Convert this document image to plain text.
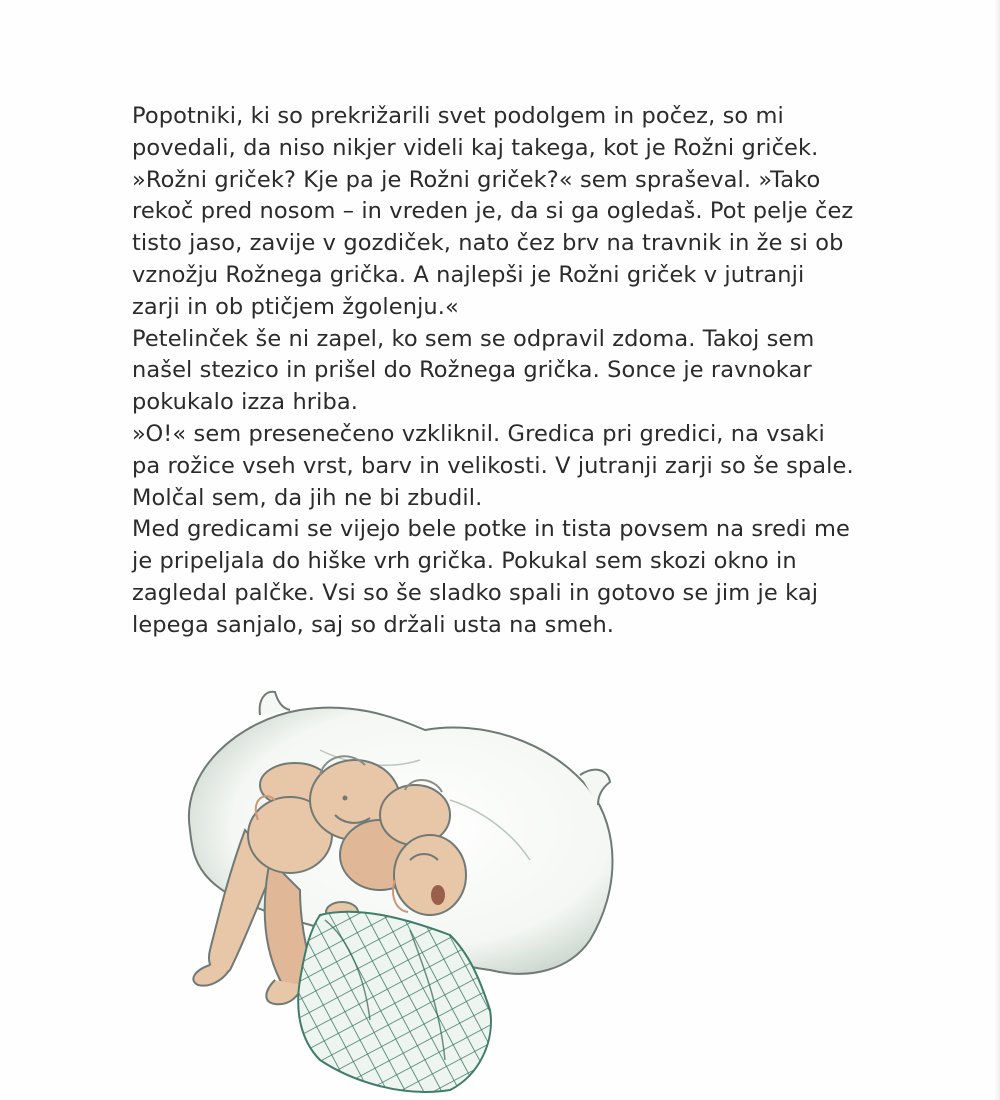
Popotniki, ki so prekrižarili svet podolgem in počez, so mi
povedali, da niso nikjer videli kaj takega, kot je Rožni griček.
»Rožni griček? Kje pa je Rožni griček?« sem spraševal. »Tako
rekoč pred nosom – in vreden je, da si ga ogledaš. Pot pelje čez
tisto jaso, zavije v gozdiček, nato čez brv na travnik in že si ob
vznožju Rožnega grička. A najlepši je Rožni griček v jutranji
zarji in ob ptičjem žgolenju.«
Petelinček še ni zapel, ko sem se odpravil zdoma. Takoj sem
našel stezico in prišel do Rožnega grička. Sonce je ravnokar
pokukalo izza hriba.
»O!« sem presenečeno vzkliknil. Gredica pri gredici, na vsaki
pa rožice vseh vrst, barv in velikosti. V jutranji zarji so še spale.
Molčal sem, da jih ne bi zbudil.
Med gredicami se vijejo bele potke in tista povsem na sredi me
je pripeljala do hiške vrh grička. Pokukal sem skozi okno in
zagledal palčke. Vsi so še sladko spali in gotovo se jim je kaj
lepega sanjalo, saj so držali usta na smeh.
